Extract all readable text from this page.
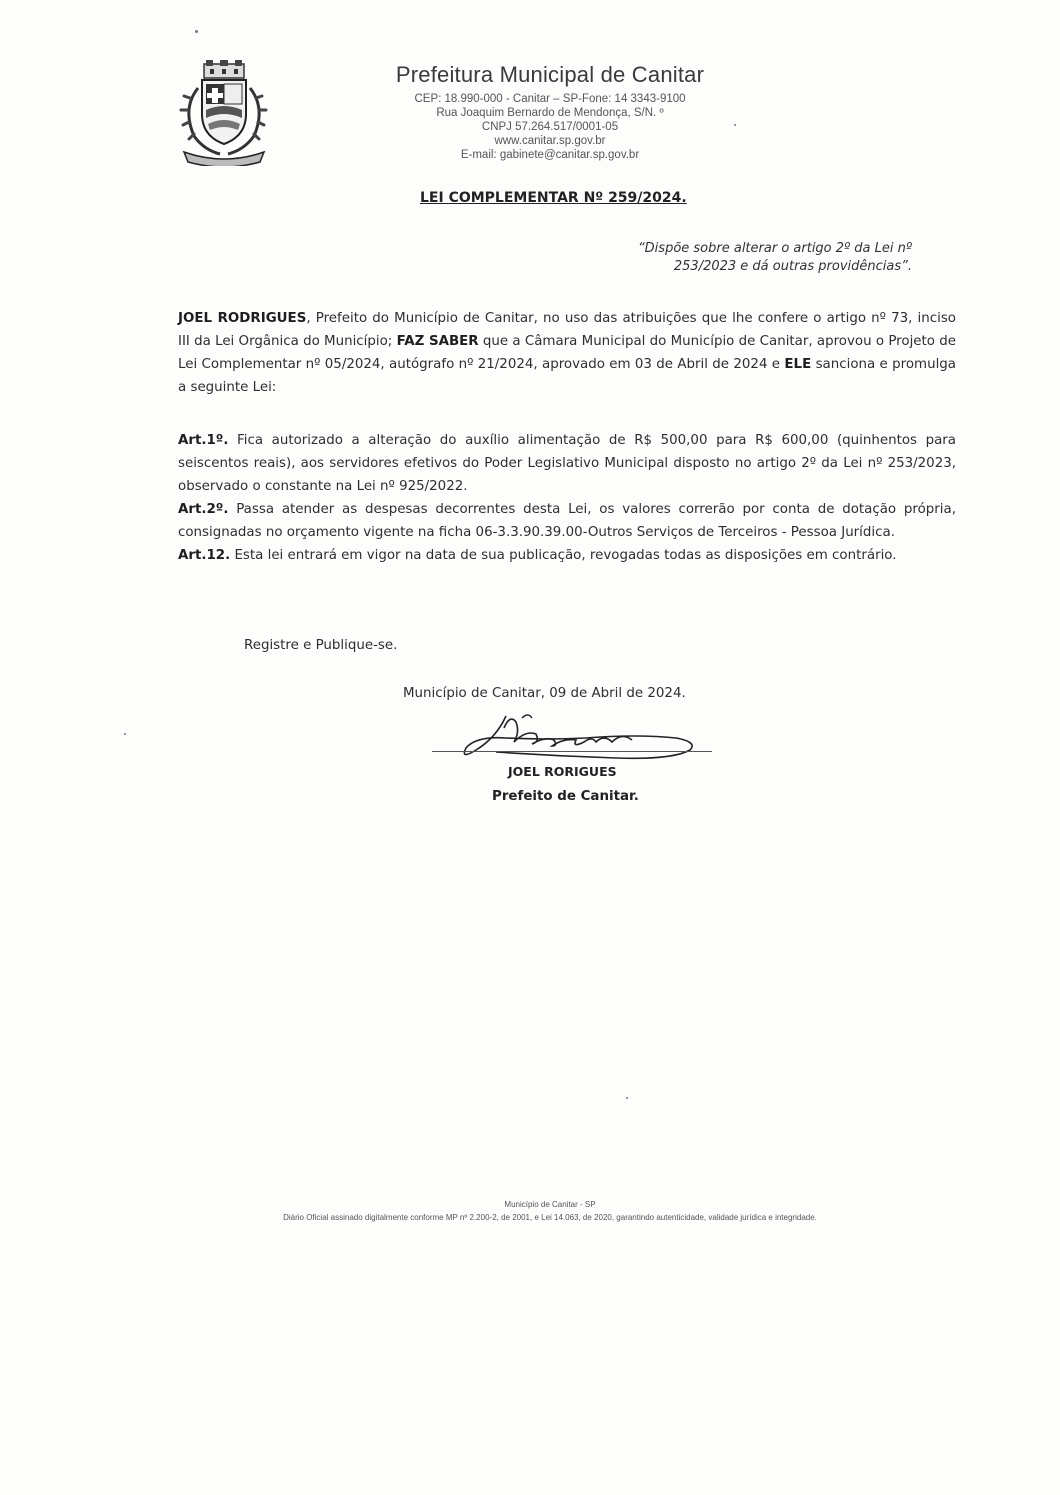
Prefeitura Municipal de Canitar

CEP: 18.990-000 - Canitar – SP-Fone: 14 3343-9100

Rua Joaquim Bernardo de Mendonça, S/N. º

CNPJ 57.264.517/0001-05

www.canitar.sp.gov.br

E-mail: gabinete@canitar.sp.gov.br

LEI COMPLEMENTAR Nº 259/2024.
“Dispõe sobre alterar o artigo 2º da Lei nº
253/2023 e dá outras providências”.

JOEL RODRIGUES, Prefeito do Município de Canitar, no uso das atribuições que lhe confere o artigo nº 73, inciso III da Lei Orgânica do Município; FAZ SABER que a Câmara Municipal do Município de Canitar, aprovou o Projeto de Lei Complementar nº 05/2024, autógrafo nº 21/2024, aprovado em 03 de Abril de 2024 e ELE sanciona e promulga a seguinte Lei:

Art.1º. Fica autorizado a alteração do auxílio alimentação de R$ 500,00 para R$ 600,00 (quinhentos para seiscentos reais), aos servidores efetivos do Poder Legislativo Municipal disposto no artigo 2º da Lei nº 253/2023, observado o constante na Lei nº 925/2022.

Art.2º. Passa atender as despesas decorrentes desta Lei, os valores correrão por conta de dotação própria, consignadas no orçamento vigente na ficha 06-3.3.90.39.00-Outros Serviços de Terceiros - Pessoa Jurídica.

Art.12. Esta lei entrará em vigor na data de sua publicação, revogadas todas as disposições em contrário.

Registre e Publique-se.
Município de Canitar, 09 de Abril de 2024.
JOEL RORIGUES
Prefeito de Canitar.

Município de Canitar - SP

Diário Oficial assinado digitalmente conforme MP nº 2.200-2, de 2001, e Lei 14.063, de 2020, garantindo autenticidade, validade jurídica e integridade.
